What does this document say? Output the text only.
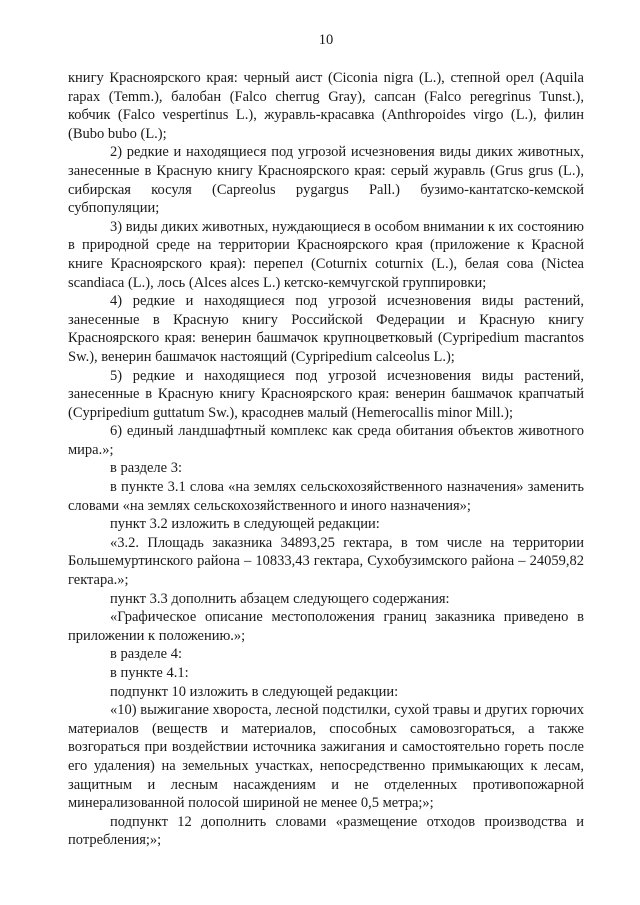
10

книгу Красноярского края: черный аист (Ciconia nigra (L.), степной орел (Aquila rapax (Temm.), балобан (Falco cherrug Gray), сапсан (Falco peregrinus Tunst.), кобчик (Falco vespertinus L.), журавль-красавка (Anthropoides virgo (L.), филин (Bubo bubo (L.);

2) редкие и находящиеся под угрозой исчезновения виды диких животных, занесенные в Красную книгу Красноярского края: серый журавль (Grus grus (L.), сибирская косуля (Capreolus pygargus Pall.) бузимо-кантатско-кемской субпопуляции;

3) виды диких животных, нуждающиеся в особом внимании к их состоянию в природной среде на территории Красноярского края (приложение к Красной книге Красноярского края): перепел (Coturnix coturnix (L.), белая сова (Nictea scandiaca (L.), лось (Alces alces L.) кетско-кемчугской группировки;

4) редкие и находящиеся под угрозой исчезновения виды растений, занесенные в Красную книгу Российской Федерации и Красную книгу Красноярского края: венерин башмачок крупноцветковый (Cypripedium macrantos Sw.), венерин башмачок настоящий (Cypripedium calceolus L.);

5) редкие и находящиеся под угрозой исчезновения виды растений, занесенные в Красную книгу Красноярского края: венерин башмачок крапчатый (Cypripedium guttatum Sw.), красоднев малый (Hemerocallis minor Mill.);

6) единый ландшафтный комплекс как среда обитания объектов животного мира.»;

в разделе 3:

в пункте 3.1 слова «на землях сельскохозяйственного назначения» заменить словами «на землях сельскохозяйственного и иного назначения»;

пункт 3.2 изложить в следующей редакции:

«3.2. Площадь заказника 34893,25 гектара, в том числе на территории Большемуртинского района – 10833,43 гектара, Сухобузимского района – 24059,82 гектара.»;

пункт 3.3 дополнить абзацем следующего содержания:

«Графическое описание местоположения границ заказника приведено в приложении к положению.»;

в разделе 4:

в пункте 4.1:

подпункт 10 изложить в следующей редакции:

«10) выжигание хвороста, лесной подстилки, сухой травы и других горючих материалов (веществ и материалов, способных самовозгораться, а также возгораться при воздействии источника зажигания и самостоятельно гореть после его удаления) на земельных участках, непосредственно примыкающих к лесам, защитным и лесным насаждениям и не отделенных противопожарной минерализованной полосой шириной не менее 0,5 метра;»;

подпункт 12 дополнить словами «размещение отходов производства и потребления;»;
